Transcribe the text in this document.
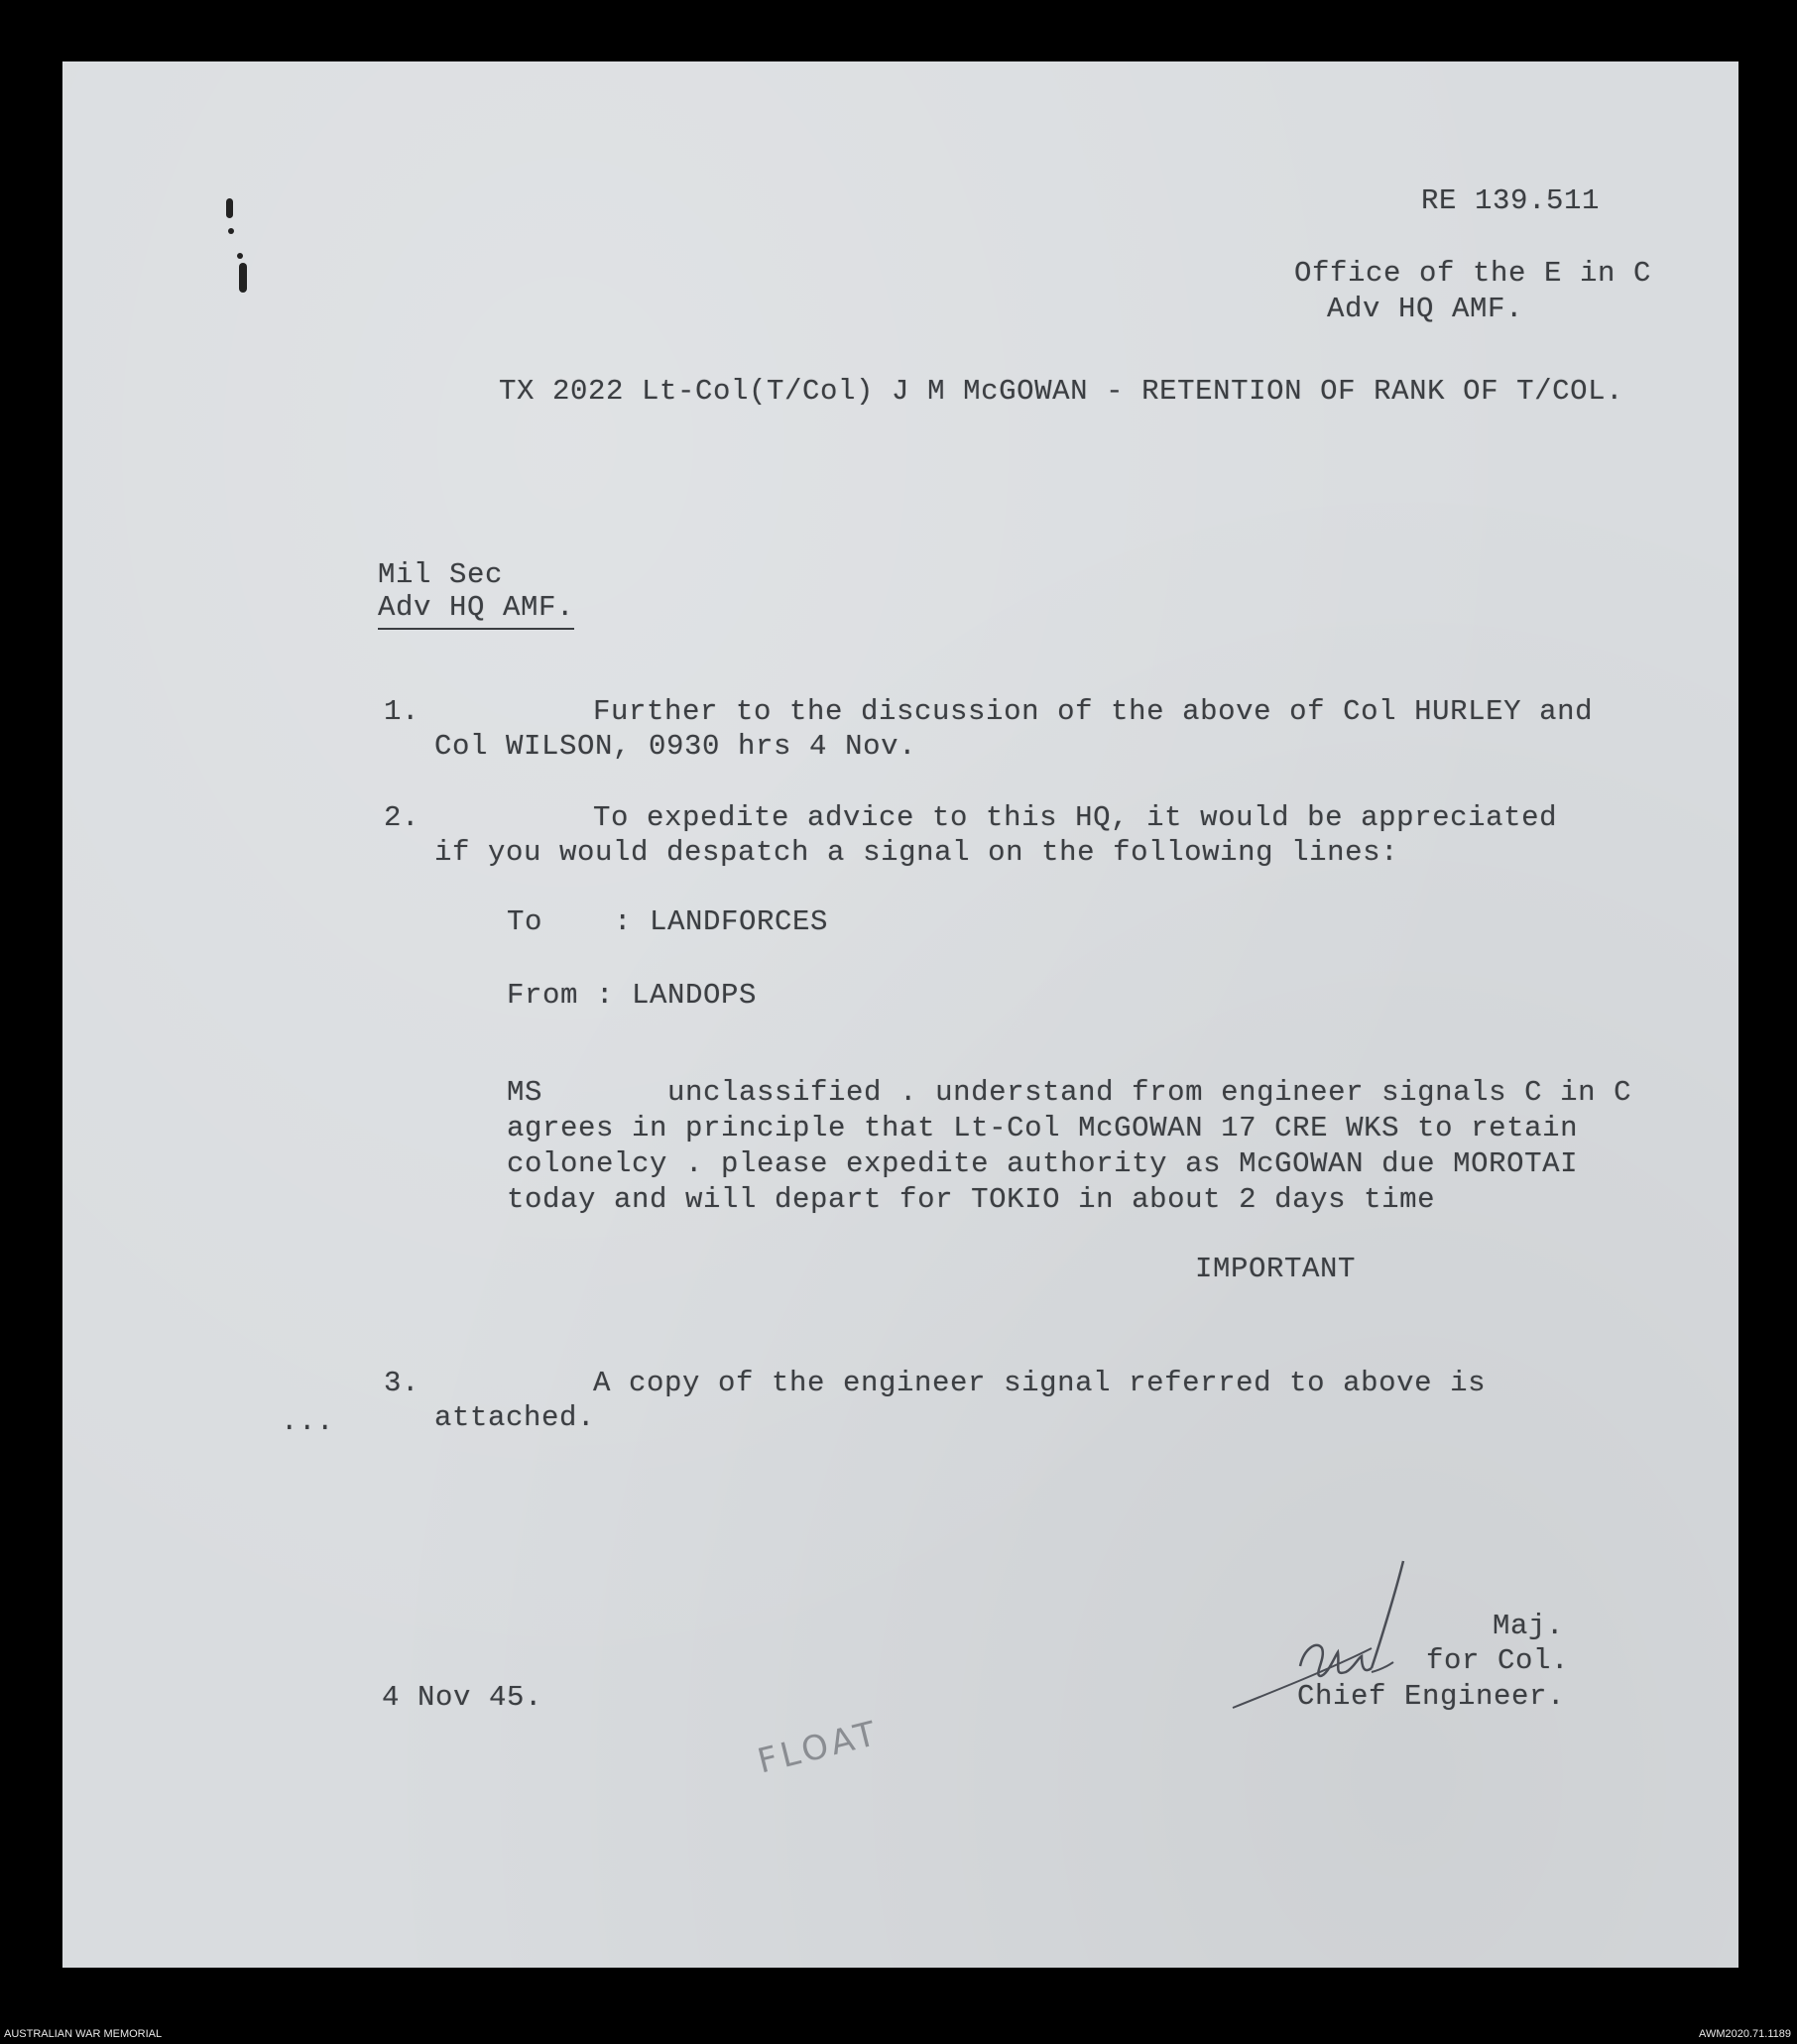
RE 139.511
Office of the E in C
Adv HQ AMF.
TX 2022 Lt-Col(T/Col) J M McGOWAN - RETENTION OF RANK OF T/COL.
Mil Sec
Adv HQ AMF.
1.	Further to the discussion of the above of Col HURLEY and
Col WILSON, 0930 hrs 4 Nov.
2.	To expedite advice to this HQ, it would be appreciated
if you would despatch a signal on the following lines:
To    : LANDFORCES
From : LANDOPS
MS       unclassified . understand from engineer signals C in C
agrees in principle that Lt-Col McGOWAN 17 CRE WKS to retain
colonelcy . please expedite authority as McGOWAN due MOROTAI
today and will depart for TOKIO in about 2 days time
IMPORTANT
3.	A copy of the engineer signal referred to above is
attached.
...
Maj.
for Col.
Chief Engineer.
4 Nov 45.
FLOAT
AUSTRALIAN WAR MEMORIAL	AWM2020.71.1189
